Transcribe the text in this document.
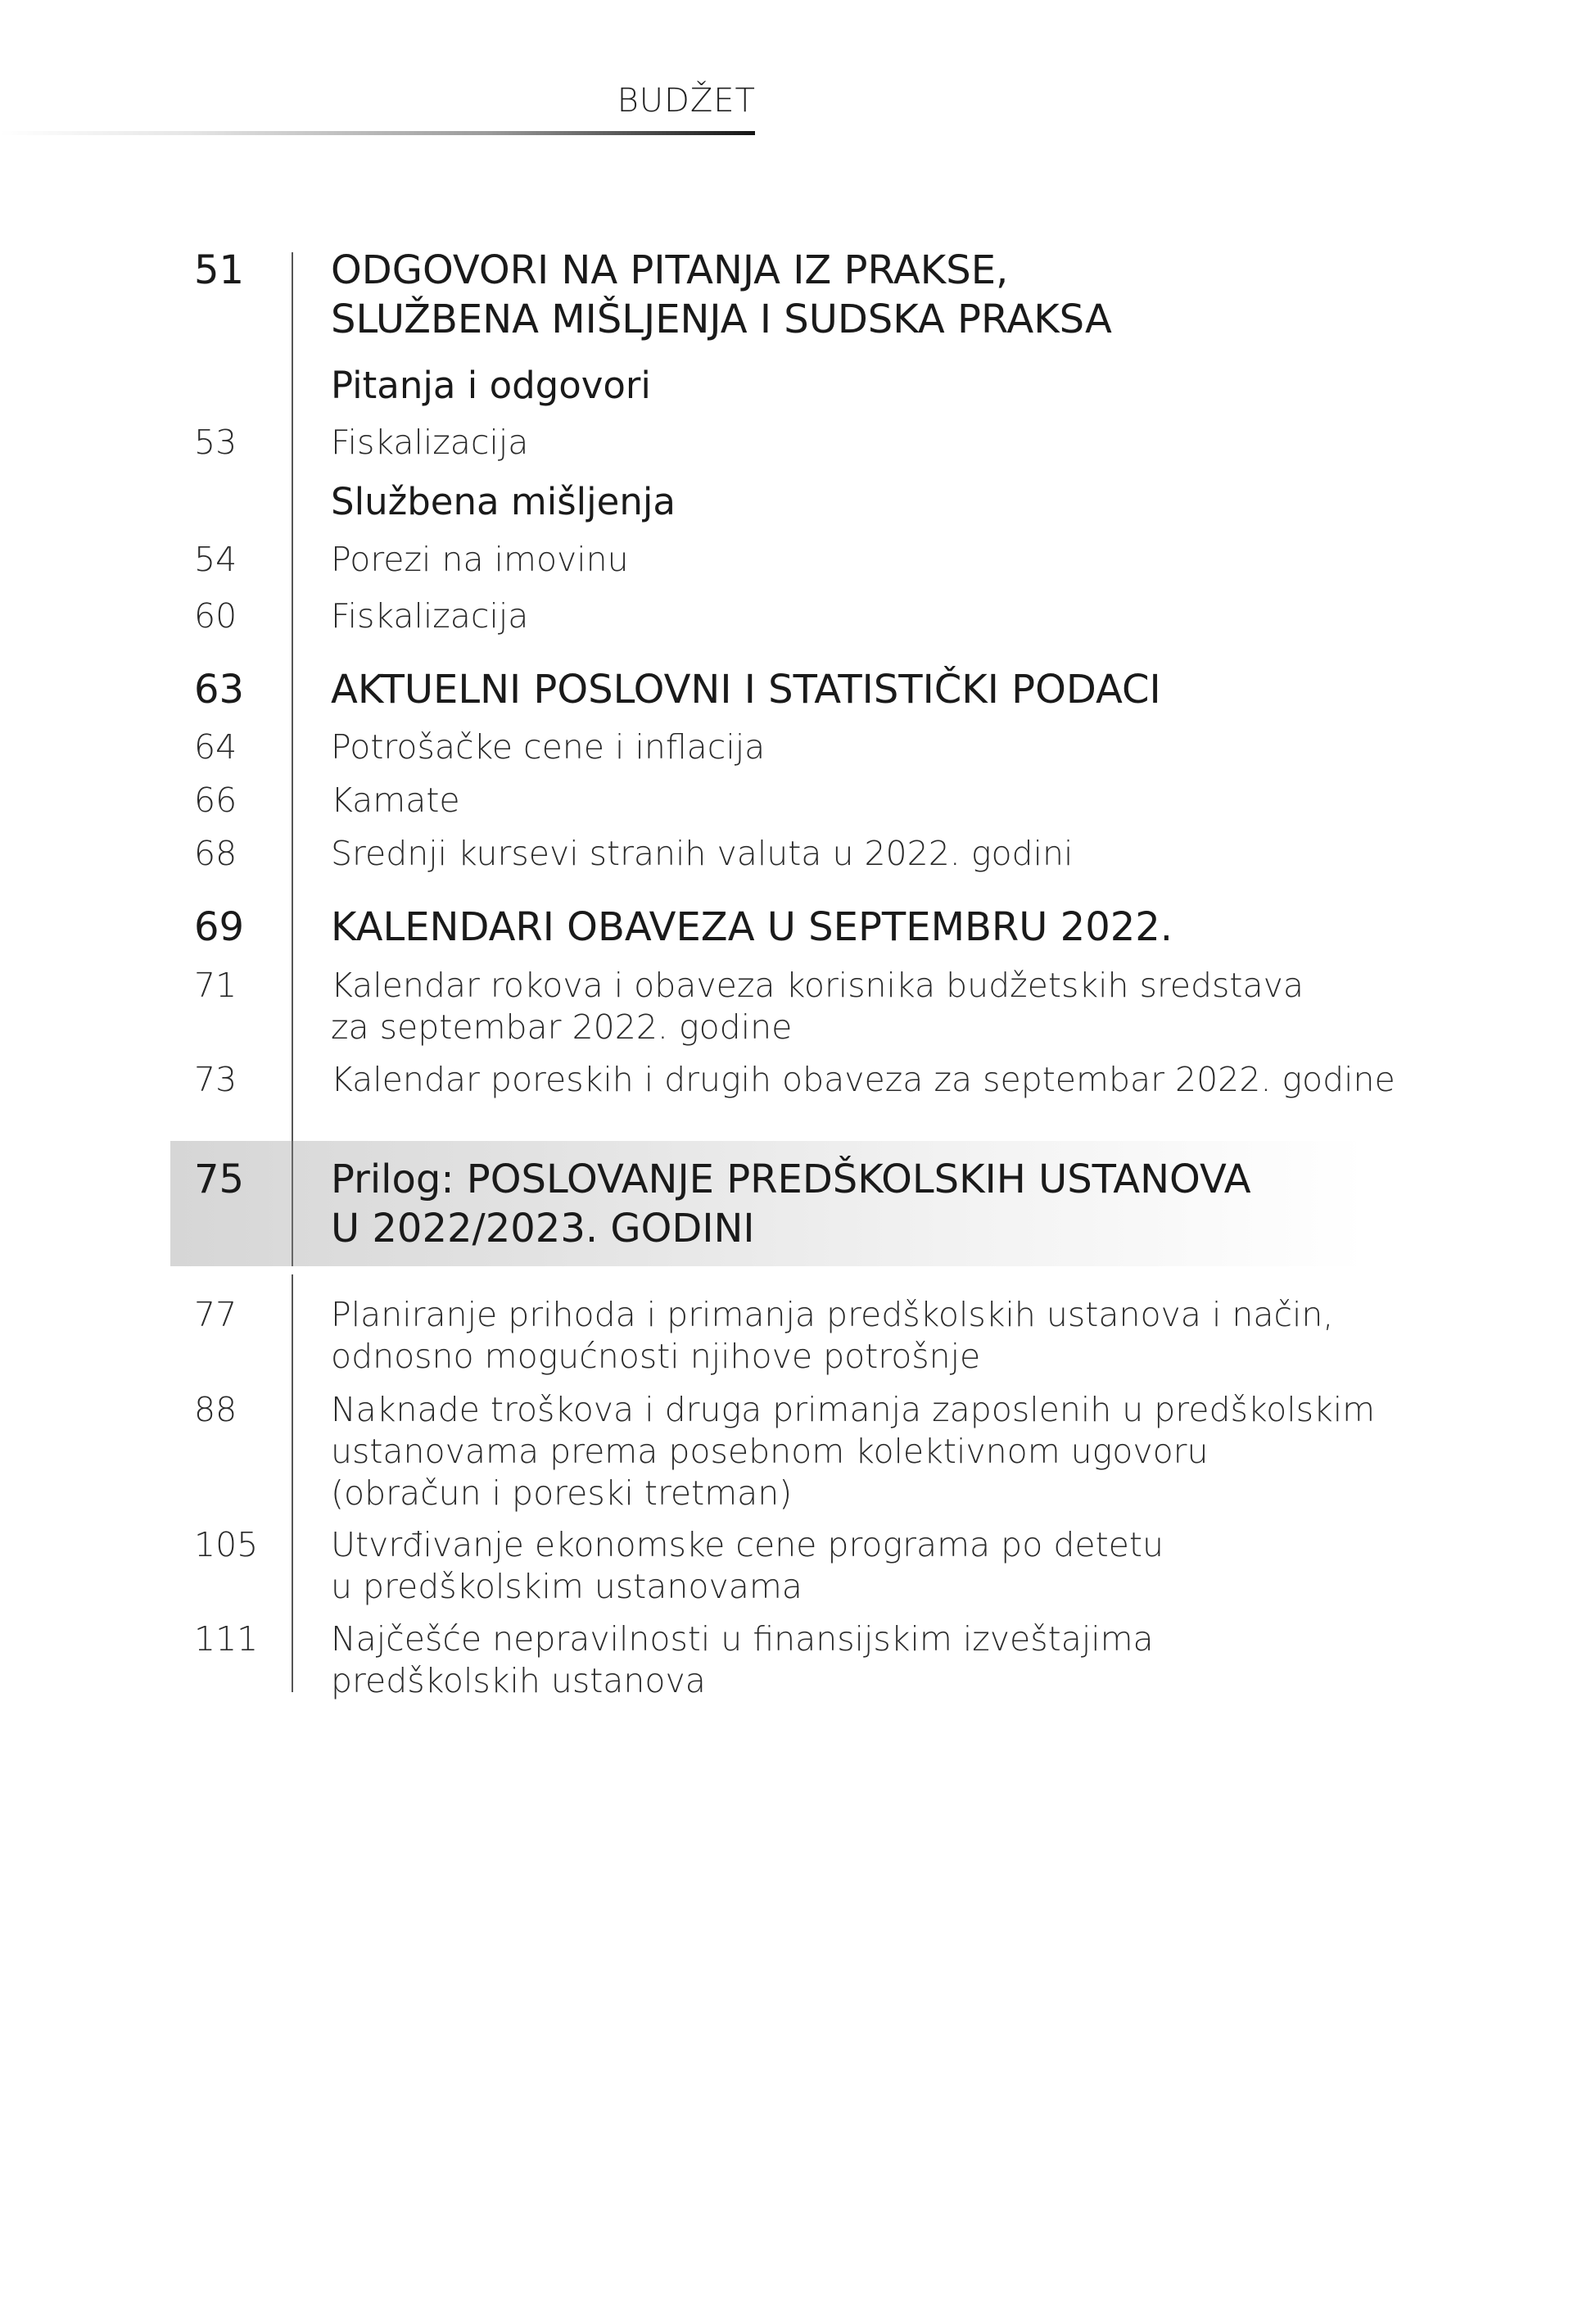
BUDŽET
51	ODGOVORI NA PITANJA IZ PRAKSE,
SLUŽBENA MIŠLJENJA I SUDSKA PRAKSA
Pitanja i odgovori
53	Fiskalizacija
Službena mišljenja
54	Porezi na imovinu
60	Fiskalizacija
63	AKTUELNI POSLOVNI I STATISTIČKI PODACI
64	Potrošačke cene i inflacija
66	Kamate
68	Srednji kursevi stranih valuta u 2022. godini
69	KALENDARI OBAVEZA U SEPTEMBRU 2022.
71	Kalendar rokova i obaveza korisnika budžetskih sredstava
za septembar 2022. godine
73	Kalendar poreskih i drugih obaveza za septembar 2022. godine
75	Prilog: POSLOVANJE PREDŠKOLSKIH USTANOVA
U 2022/2023. GODINI
77	Planiranje prihoda i primanja predškolskih ustanova i način,
odnosno mogućnosti njihove potrošnje
88	Naknade troškova i druga primanja zaposlenih u predškolskim
ustanovama prema posebnom kolektivnom ugovoru
(obračun i poreski tretman)
105	Utvrđivanje ekonomske cene programa po detetu
u predškolskim ustanovama
111	Najčešće nepravilnosti u finansijskim izveštajima
predškolskih ustanova
